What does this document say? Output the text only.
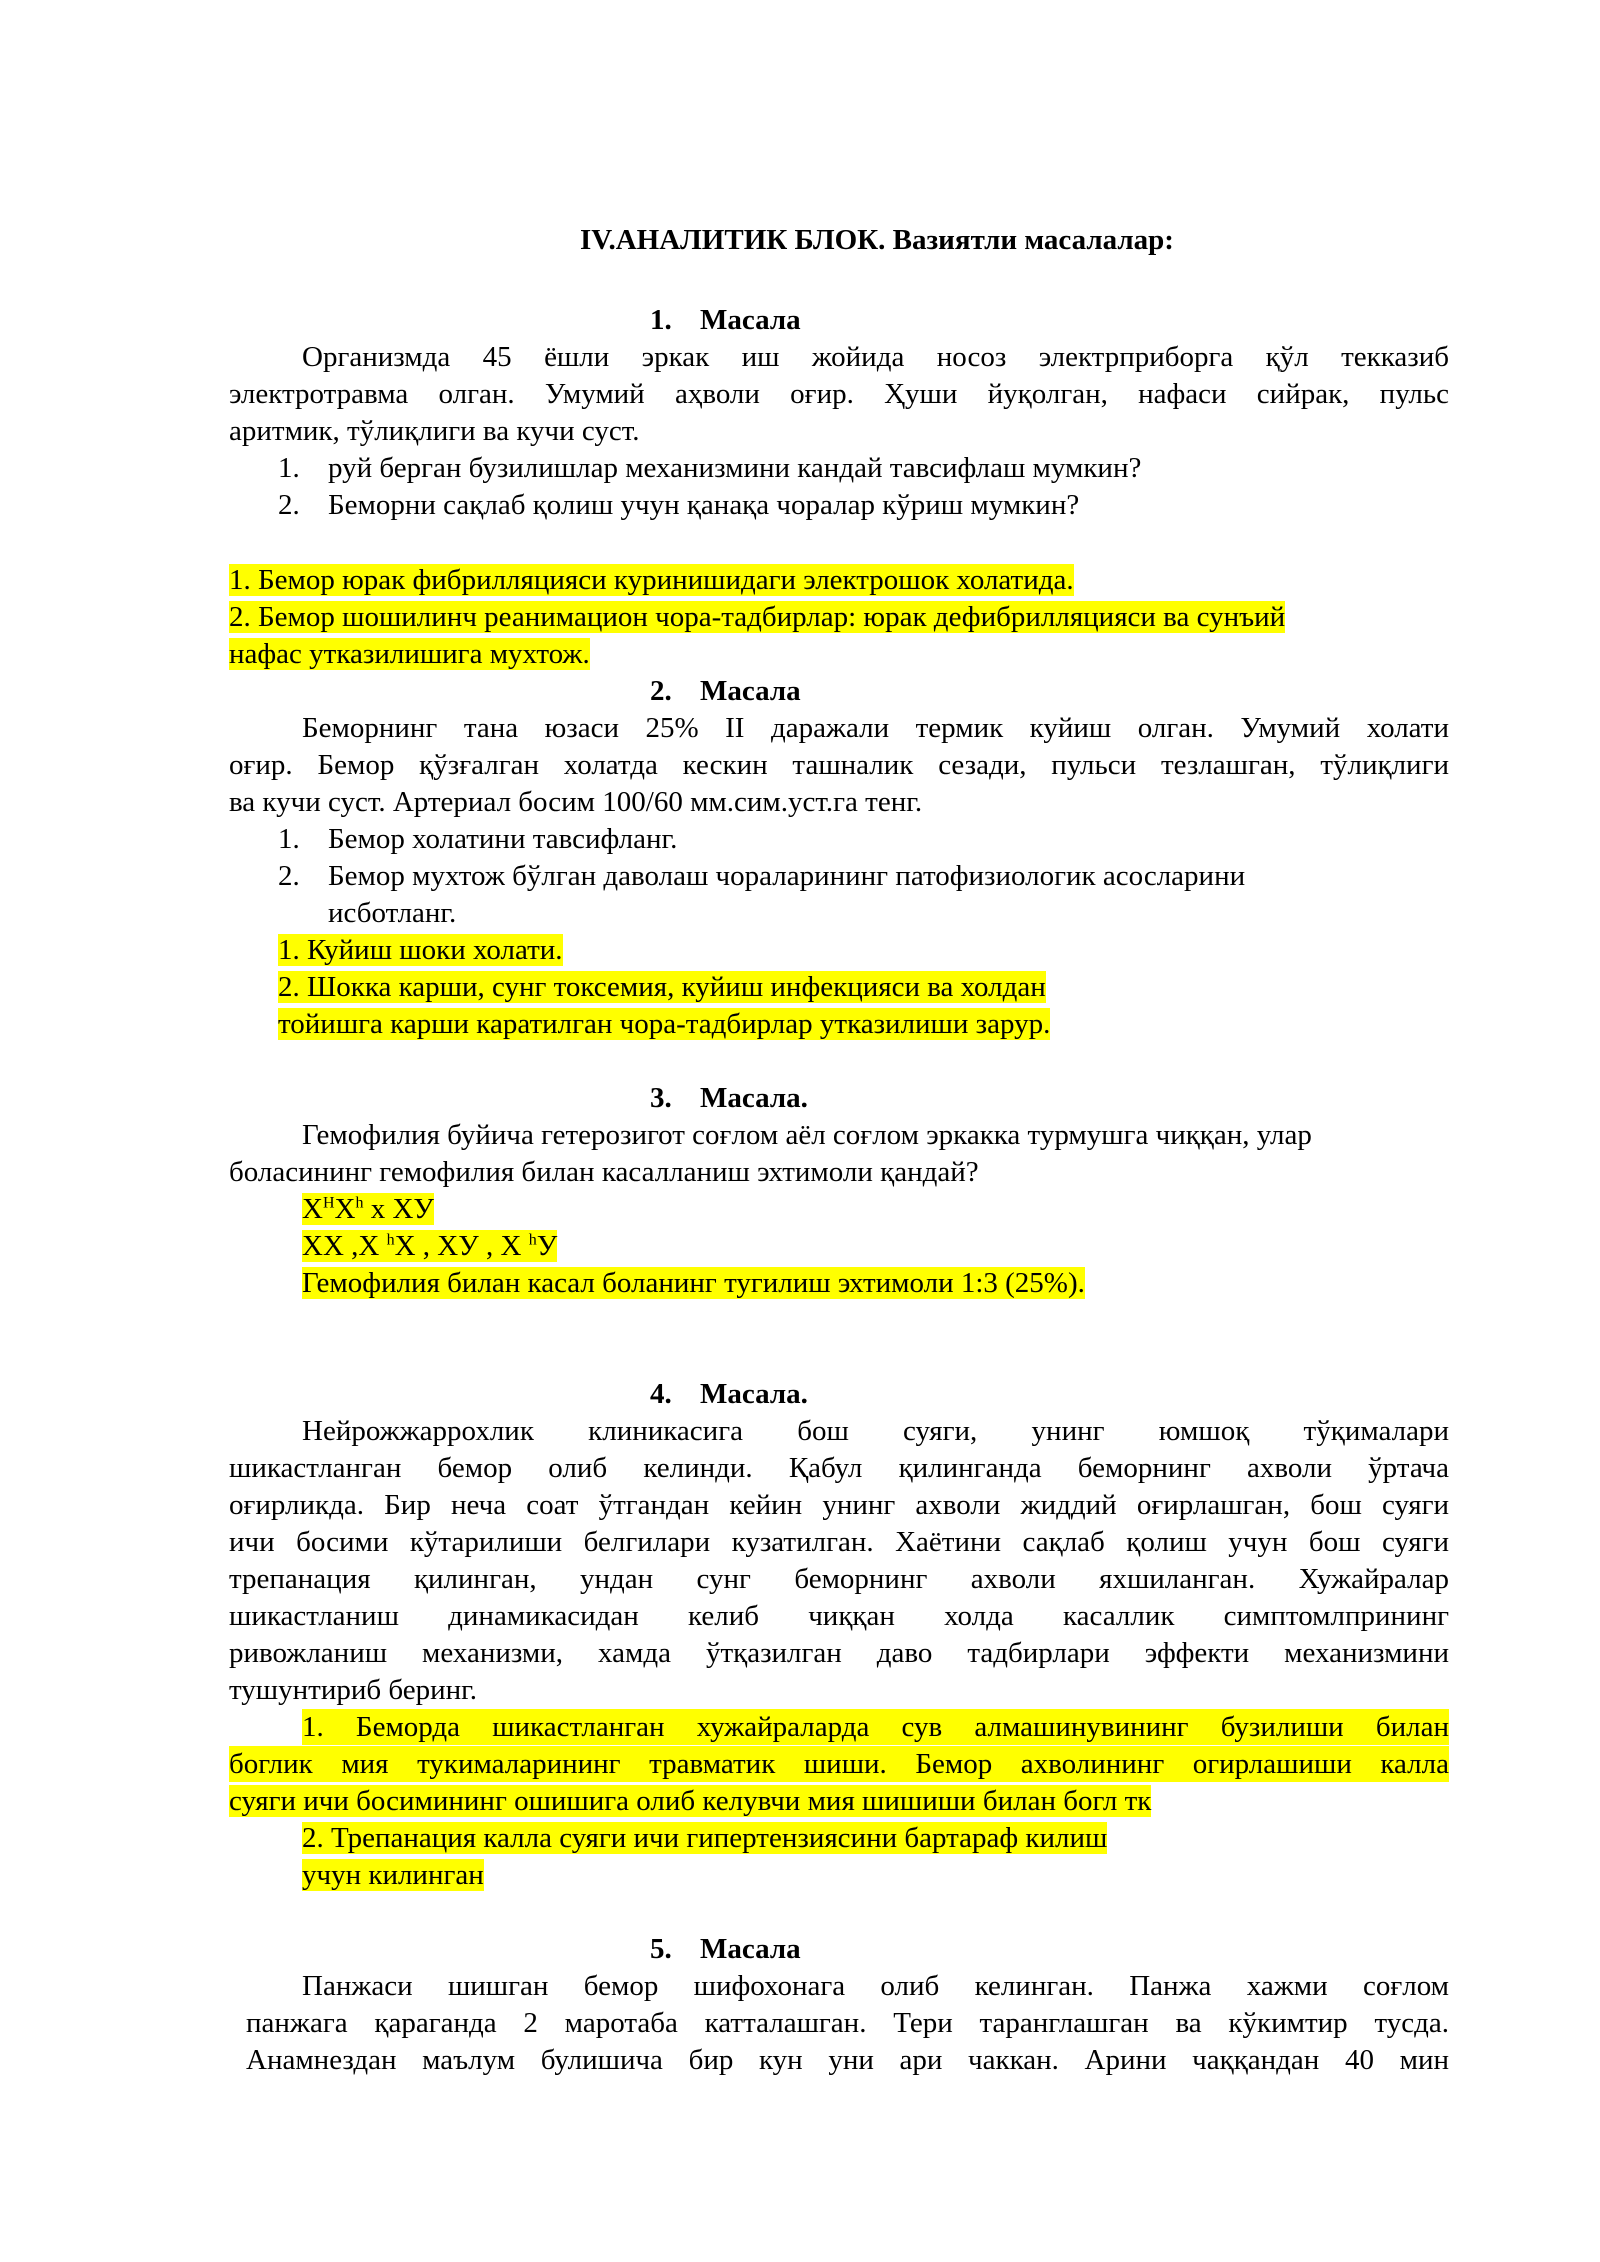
IV.АНАЛИТИК БЛОК. Вазиятли масалалар:
1. Масала
Организмда 45 ёшли эркак иш жойида носоз электрприборга қўл текказиб
электротравма олган. Умумий аҳволи оғир. Ҳуши йуқолган, нафаси сийрак, пульс
аритмик, тўлиқлиги ва кучи суст.
1. руй берган бузилишлар механизмини кандай тавсифлаш мумкин?
2. Беморни сақлаб қолиш учун қанақа чоралар кўриш мумкин?
1. Бемор юрак фибрилляцияси куринишидаги электрошок холатида.
2. Бемор шошилинч реанимацион чора-тадбирлар: юрак дефибрилляцияси ва сунъий
нафас утказилишига мухтож.
2. Масала
Беморнинг тана юзаси 25% II даражали термик куйиш олган. Умумий холати
оғир. Бемор қўзғалган холатда кескин ташналик сезади, пульси тезлашган, тўлиқлиги
ва кучи суст. Артериал босим 100/60 мм.сим.уст.га тенг.
1. Бемор холатини тавсифланг.
2. Бемор мухтож бўлган даволаш чораларининг патофизиологик асосларини
исботланг.
1. Куйиш шоки холати.
2. Шокка карши, сунг токсемия, куйиш инфекцияси ва холдан
тойишга карши каратилган чора-тадбирлар утказилиши зарур.
3. Масала.
Гемофилия буйича гетерозигот соғлом аёл соғлом эркакка турмушга чиққан, улар
боласининг гемофилия билан касалланиш эхтимоли қандай?
$Х^НХ^h$ х ХУ
ХХ ,Х $^h$Х , ХУ , Х $^h$У
Гемофилия билан касал боланинг тугилиш эхтимоли 1:3 (25%).
4. Масала.
Нейрожжаррохлик клиникасига бош суяги, унинг юмшоқ тўқималари
шикастланган бемор олиб келинди. Қабул қилинганда беморнинг ахволи ўртача
оғирликда. Бир неча соат ўтгандан кейин унинг ахволи жиддий оғирлашган, бош суяги
ичи босими кўтарилиши белгилари кузатилган. Хаётини сақлаб қолиш учун бош суяги
трепанация қилинган, ундан сунг беморнинг ахволи яхшиланган. Хужайралар
шикастланиш динамикасидан келиб чиққан холда касаллик симптомлпрининг
ривожланиш механизми, хамда ўтқазилган даво тадбирлари эффекти механизмини
тушунтириб беринг.
1. Беморда шикастланган хужайраларда сув алмашинувининг бузилиши билан
боглик мия тукималарининг травматик шиши. Бемор ахволининг огирлашиши калла
суяги ичи босимининг ошишига олиб келувчи мия шишиши билан богл тк
2. Трепанация калла суяги ичи гипертензиясини бартараф килиш
учун килинган
5. Масала
Панжаси шишган бемор шифохонага олиб келинган. Панжа хажми соғлом
панжага қараганда 2 маротаба катталашган. Тери таранглашган ва кўкимтир тусда.
Анамнездан маълум булишича бир кун уни ари чаккан. Арини чаққандан 40 мин
